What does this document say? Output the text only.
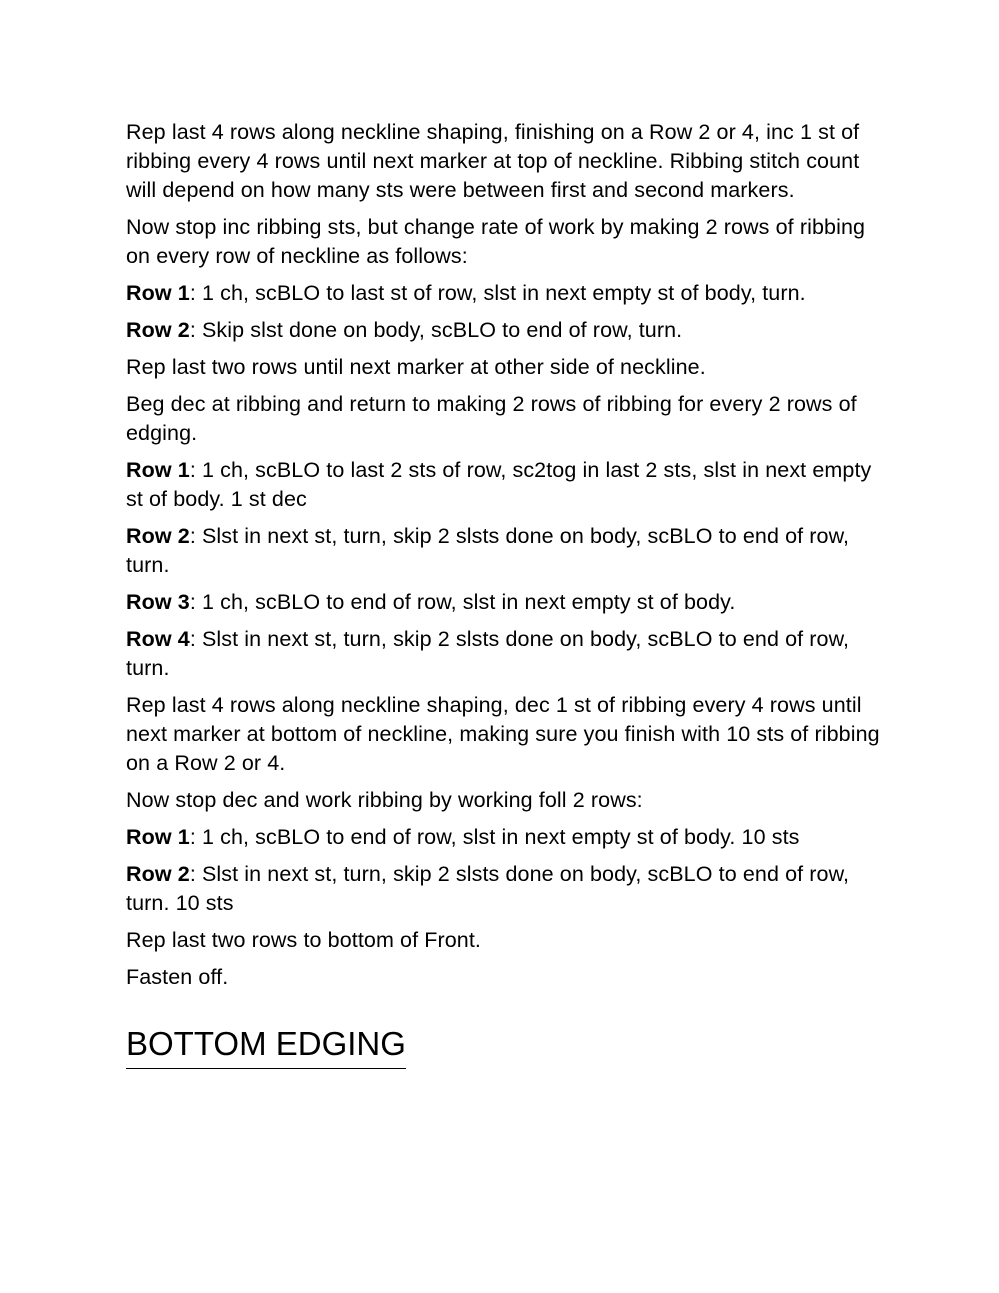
Rep last 4 rows along neckline shaping, finishing on a Row 2 or 4, inc 1 st of ribbing every 4 rows until next marker at top of neckline. Ribbing stitch count will depend on how many sts were between first and second markers.

Now stop inc ribbing sts, but change rate of work by making 2 rows of ribbing on every row of neckline as follows:

Row 1: 1 ch, scBLO to last st of row, slst in next empty st of body, turn.

Row 2: Skip slst done on body, scBLO to end of row, turn.

Rep last two rows until next marker at other side of neckline.

Beg dec at ribbing and return to making 2 rows of ribbing for every 2 rows of edging.

Row 1: 1 ch, scBLO to last 2 sts of row, sc2tog in last 2 sts, slst in next empty st of body. 1 st dec

Row 2: Slst in next st, turn, skip 2 slsts done on body, scBLO to end of row, turn.

Row 3: 1 ch, scBLO to end of row, slst in next empty st of body.

Row 4: Slst in next st, turn, skip 2 slsts done on body, scBLO to end of row, turn.

Rep last 4 rows along neckline shaping, dec 1 st of ribbing every 4 rows until next marker at bottom of neckline, making sure you finish with 10 sts of ribbing on a Row 2 or 4.

Now stop dec and work ribbing by working foll 2 rows:

Row 1: 1 ch, scBLO to end of row, slst in next empty st of body. 10 sts

Row 2: Slst in next st, turn, skip 2 slsts done on body, scBLO to end of row, turn. 10 sts

Rep last two rows to bottom of Front.

Fasten off.

BOTTOM EDGING
